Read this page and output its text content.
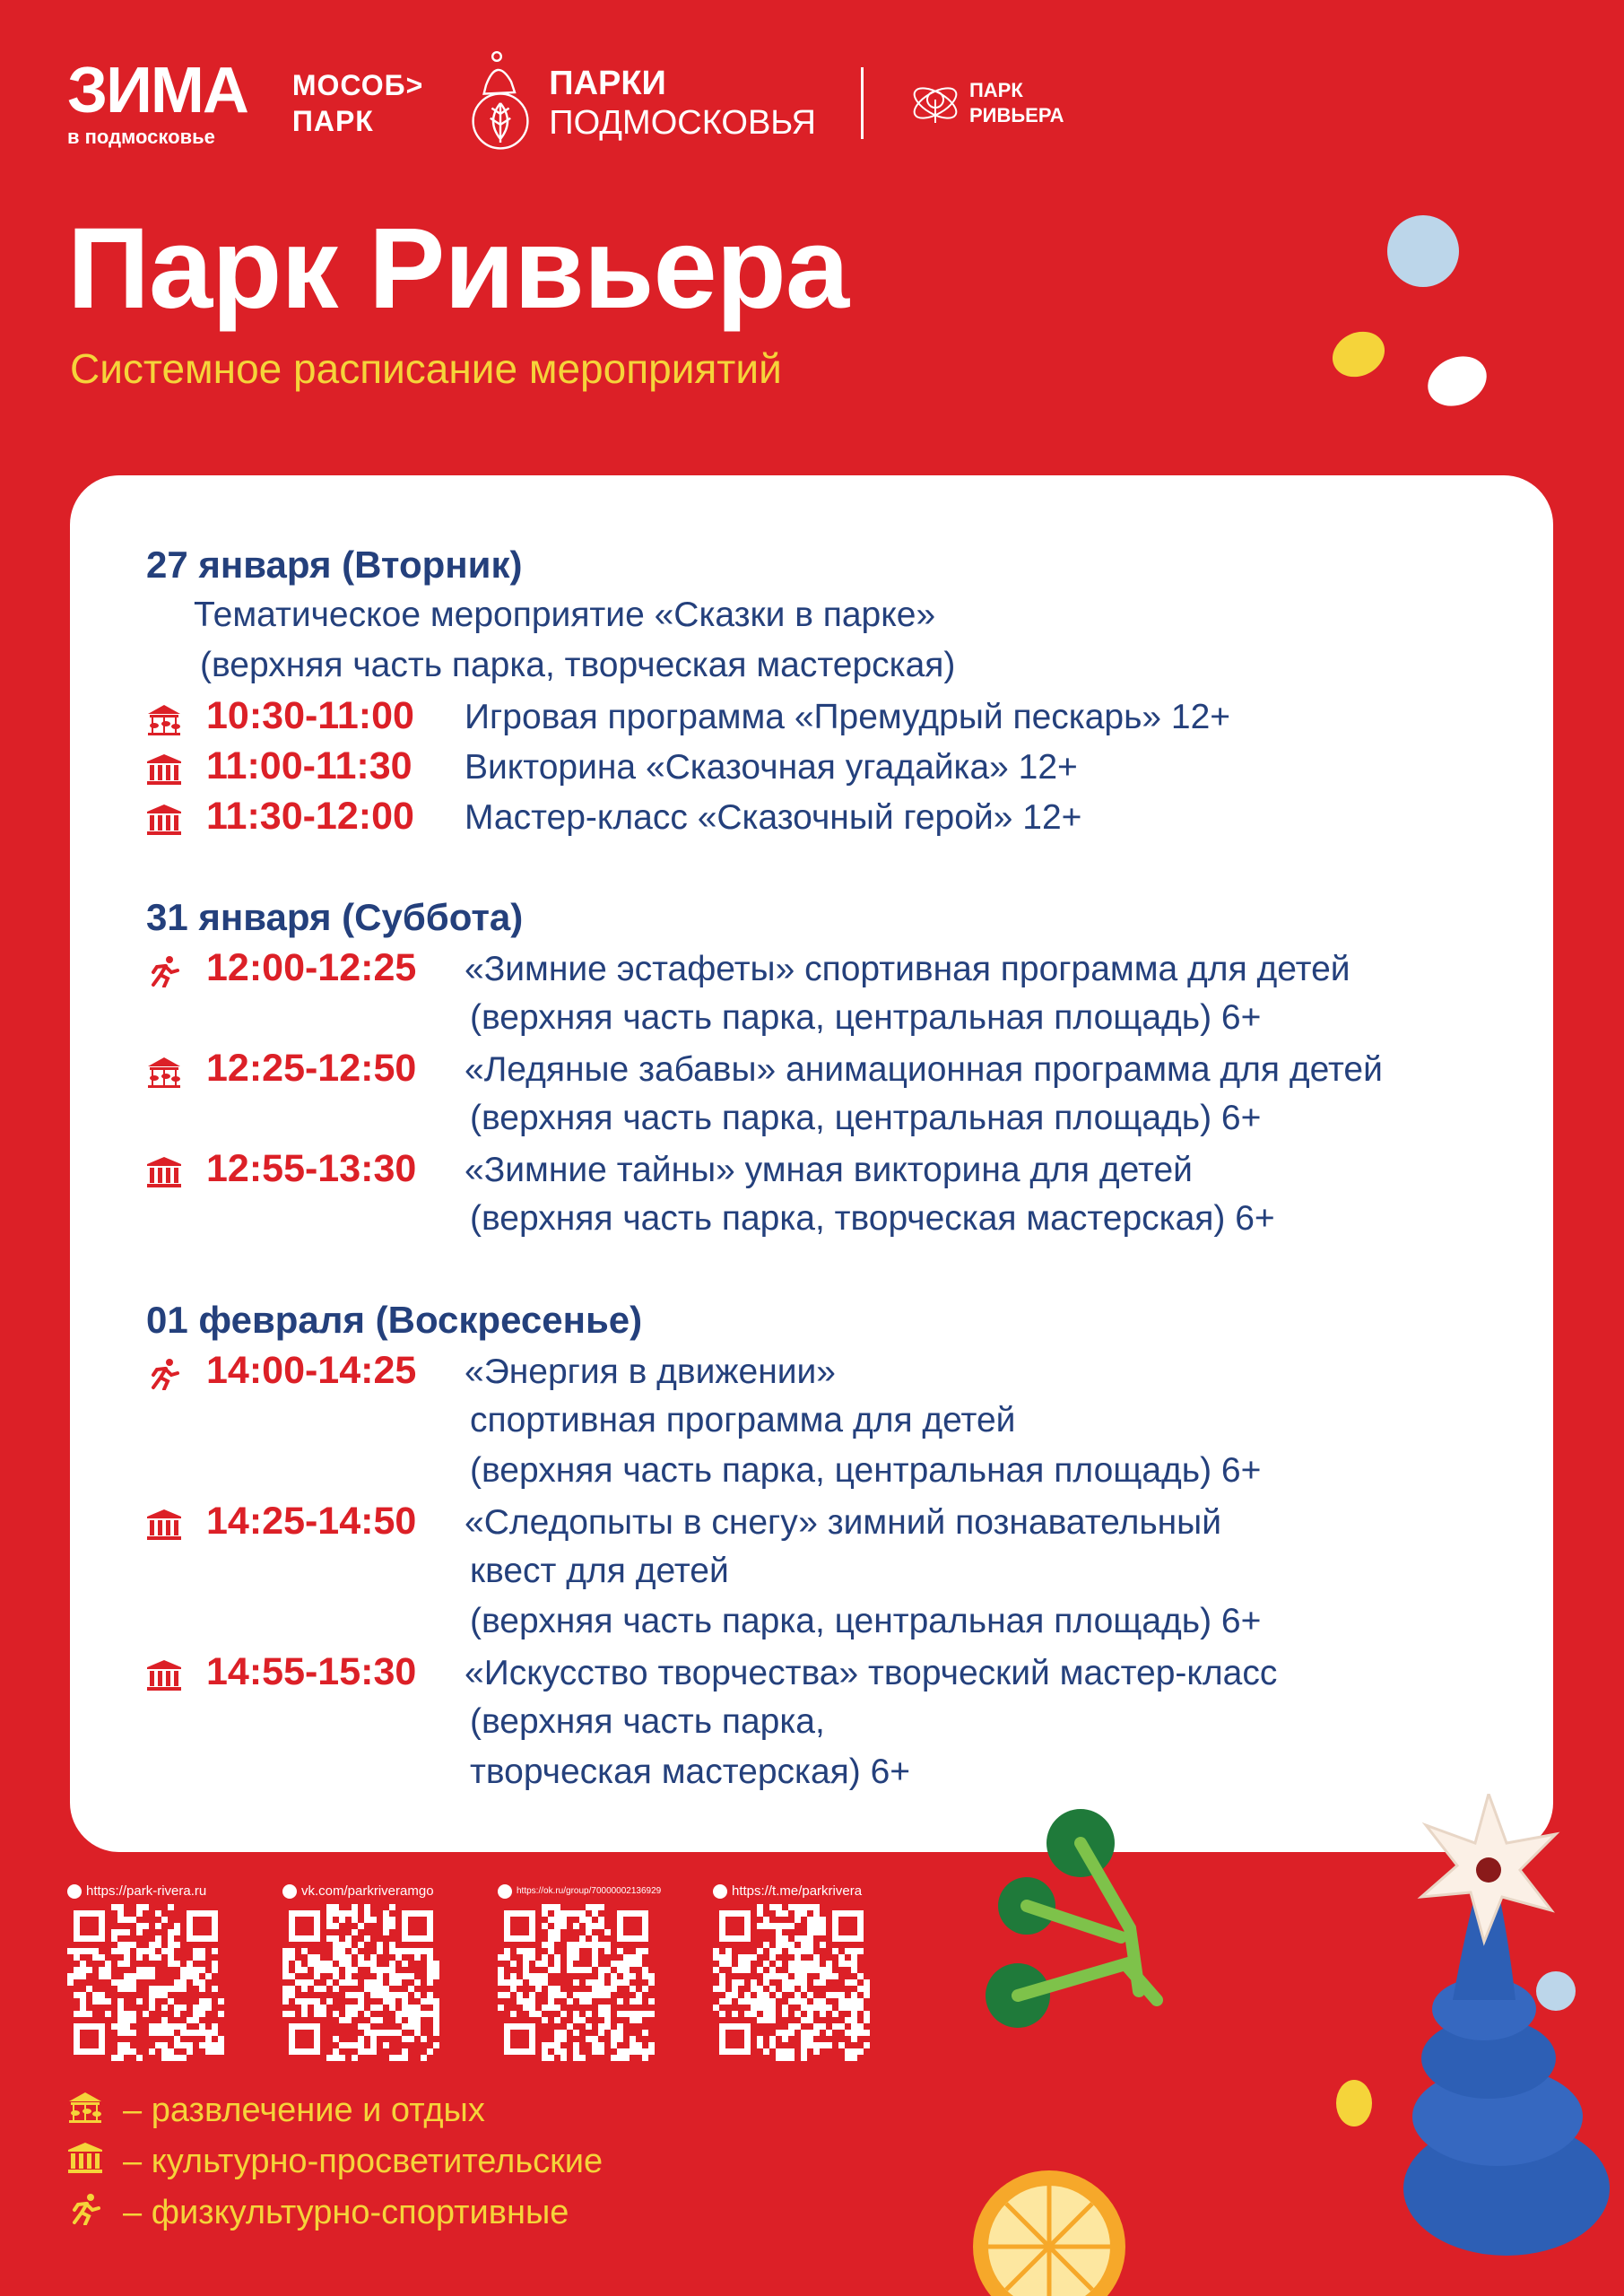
ЗИМА
в подмосковье
МОСОБ>
ПАРК
ПАРКИ
ПОДМОСКОВЬЯ
ПАРК
РИВЬЕРА
Парк Ривьера
Системное расписание мероприятий
27 января (Вторник)
Тематическое мероприятие «Сказки в парке»
(верхняя часть парка, творческая мастерская)
10:30-11:00	Игровая программа «Премудрый пескарь» 12+
11:00-11:30	Викторина «Сказочная угадайка» 12+
11:30-12:00	Мастер-класс «Сказочный герой» 12+
31 января (Суббота)
12:00-12:25	«Зимние эстафеты» спортивная программа для детей
(верхняя часть парка, центральная площадь) 6+
12:25-12:50	«Ледяные забавы» анимационная программа для детей
(верхняя часть парка, центральная площадь) 6+
12:55-13:30	«Зимние тайны» умная викторина для детей
(верхняя часть парка, творческая мастерская) 6+
01 февраля (Воскресенье)
14:00-14:25	«Энергия в движении»
спортивная программа для детей
(верхняя часть парка, центральная площадь) 6+
14:25-14:50	«Следопыты в снегу» зимний познавательный
квест для детей
(верхняя часть парка, центральная площадь) 6+
14:55-15:30	«Искусство творчества» творческий мастер-класс
(верхняя часть парка,
творческая мастерская) 6+
https://park-rivera.ru	vk.com/parkriveramgo	https://ok.ru/group/70000002136929	https://t.me/parkrivera
– развлечение и отдых
– культурно-просветительские
– физкультурно-спортивные
